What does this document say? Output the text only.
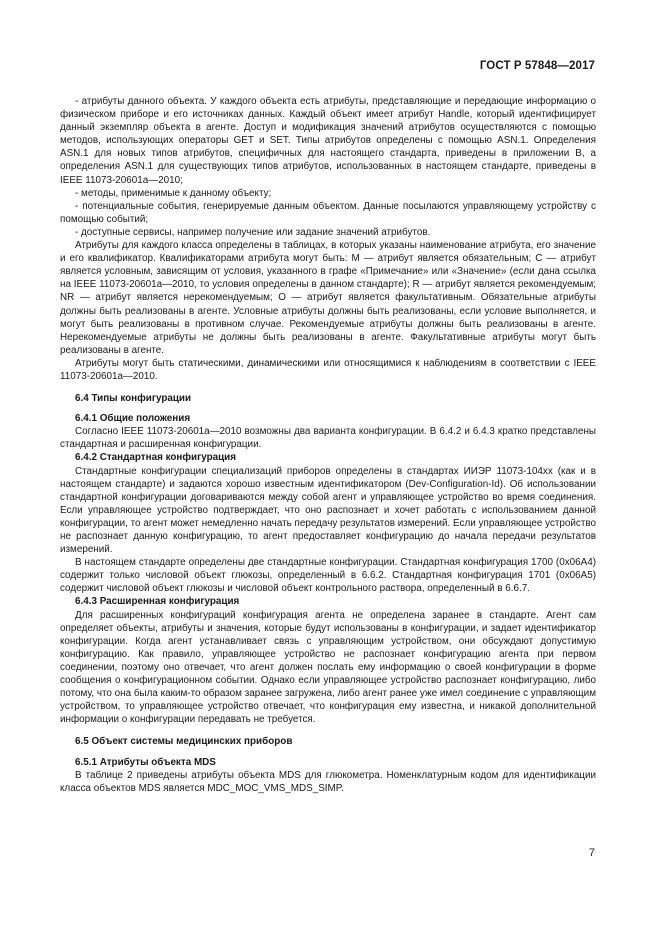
ГОСТ Р 57848—2017

- атрибуты данного объекта. У каждого объекта есть атрибуты, представляющие и передающие информацию о физическом приборе и его источниках данных. Каждый объект имеет атрибут Handle, который идентифицирует данный экземпляр объекта в агенте. Доступ и модификация значений атрибутов осуществляются с помощью методов, использующих операторы GET и SET. Типы атрибутов определены с помощью ASN.1. Определения ASN.1 для новых типов атрибутов, специфичных для настоящего стандарта, приведены в приложении B, а определения ASN.1 для существующих типов атрибутов, использованных в настоящем стандарте, приведены в IEEE 11073-20601a—2010;

- методы, применимые к данному объекту;

- потенциальные события, генерируемые данным объектом. Данные посылаются управляющему устройству с помощью событий;

- доступные сервисы, например получение или задание значений атрибутов.

Атрибуты для каждого класса определены в таблицах, в которых указаны наименование атрибута, его значение и его квалификатор. Квалификаторами атрибута могут быть: М — атрибут является обязательным; С — атрибут является условным, зависящим от условия, указанного в графе «Примечание» или «Значение» (если дана ссылка на IEEE 11073-20601a—2010, то условия определены в данном стандарте); R — атрибут является рекомендуемым; NR — атрибут является нерекомендуемым; О — атрибут является факультативным. Обязательные атрибуты должны быть реализованы в агенте. Условные атрибуты должны быть реализованы, если условие выполняется, и могут быть реализованы в противном случае. Рекомендуемые атрибуты должны быть реализованы в агенте. Нерекомендуемые атрибуты не должны быть реализованы в агенте. Факультативные атрибуты могут быть реализованы в агенте.

Атрибуты могут быть статическими, динамическими или относящимися к наблюдениям в соответствии с IEEE 11073-20601a—2010.

6.4 Типы конфигурации
6.4.1 Общие положения

Согласно IEEE 11073-20601a—2010 возможны два варианта конфигурации. В 6.4.2 и 6.4.3 кратко представлены стандартная и расширенная конфигурации.

6.4.2 Стандартная конфигурация

Стандартные конфигурации специализаций приборов определены в стандартах ИИЭР 11073-104xx (как и в настоящем стандарте) и задаются хорошо известным идентификатором (Dev-Configuration-Id). Об использовании стандартной конфигурации договариваются между собой агент и управляющее устройство во время соединения. Если управляющее устройство подтверждает, что оно распознает и хочет работать с использованием данной конфигурации, то агент может немедленно начать передачу результатов измерений. Если управляющее устройство не распознает данную конфигурацию, то агент предоставляет конфигурацию до начала передачи результатов измерений.

В настоящем стандарте определены две стандартные конфигурации. Стандартная конфигурация 1700 (0x06A4) содержит только числовой объект глюкозы, определенный в 6.6.2. Стандартная конфигурация 1701 (0x06A5) содержит числовой объект глюкозы и числовой объект контрольного раствора, определенный в 6.6.7.

6.4.3 Расширенная конфигурация

Для расширенных конфигураций конфигурация агента не определена заранее в стандарте. Агент сам определяет объекты, атрибуты и значения, которые будут использованы в конфигурации, и задает идентификатор конфигурации. Когда агент устанавливает связь с управляющим устройством, они обсуждают допустимую конфигурацию. Как правило, управляющее устройство не распознает конфигурацию агента при первом соединении, поэтому оно отвечает, что агент должен послать ему информацию о своей конфигурации в форме сообщения о конфигурационном событии. Однако если управляющее устройство распознает конфигурацию, либо потому, что она была каким-то образом заранее загружена, либо агент ранее уже имел соединение с управляющим устройством, то управляющее устройство отвечает, что конфигурация ему известна, и никакой дополнительной информации о конфигурации передавать не требуется.

6.5 Объект системы медицинских приборов
6.5.1 Атрибуты объекта MDS

В таблице 2 приведены атрибуты объекта MDS для глюкометра. Номенклатурным кодом для идентификации класса объектов MDS является MDC_MOC_VMS_MDS_SIMP.

7
